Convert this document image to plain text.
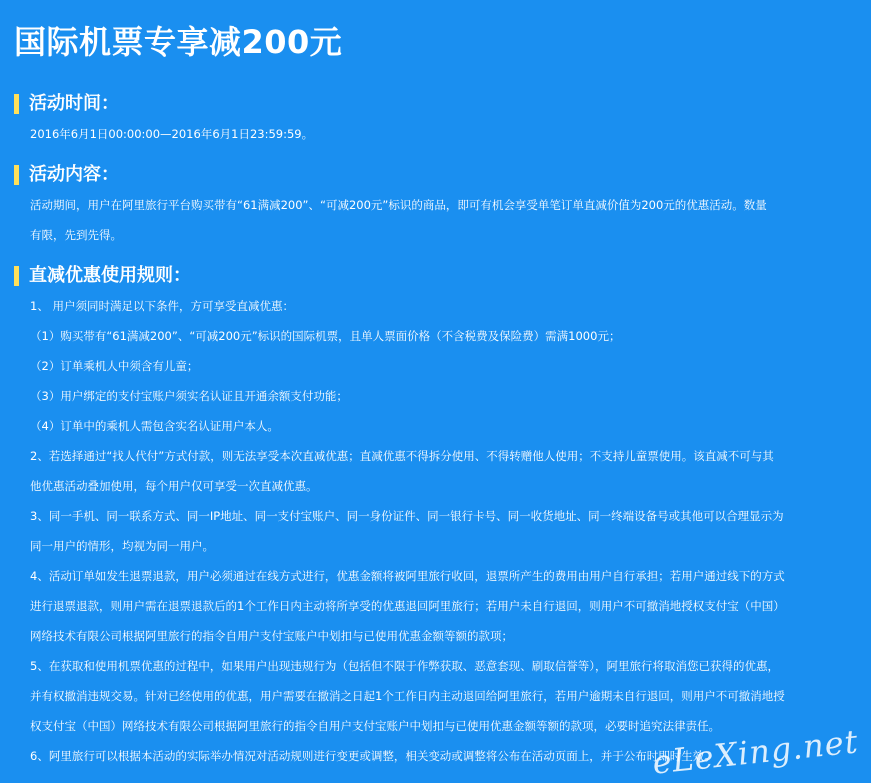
国际机票专享减200元
活动时间：
2016年6月1日00:00:00—2016年6月1日23:59:59。
活动内容：
活动期间，用户在阿里旅行平台购买带有“61满减200”、“可减200元”标识的商品，即可有机会享受单笔订单直减价值为200元的优惠活动。数量
有限，先到先得。
直减优惠使用规则：
1、 用户须同时满足以下条件，方可享受直减优惠：
（1）购买带有“61满减200”、“可减200元”标识的国际机票，且单人票面价格（不含税费及保险费）需满1000元；
（2）订单乘机人中须含有儿童；
（3）用户绑定的支付宝账户须实名认证且开通余额支付功能；
（4）订单中的乘机人需包含实名认证用户本人。
2、若选择通过“找人代付”方式付款，则无法享受本次直减优惠；直减优惠不得拆分使用、不得转赠他人使用；不支持儿童票使用。该直减不可与其
他优惠活动叠加使用，每个用户仅可享受一次直减优惠。
3、同一手机、同一联系方式、同一IP地址、同一支付宝账户、同一身份证件、同一银行卡号、同一收货地址、同一终端设备号或其他可以合理显示为
同一用户的情形，均视为同一用户。
4、活动订单如发生退票退款，用户必须通过在线方式进行，优惠金额将被阿里旅行收回，退票所产生的费用由用户自行承担；若用户通过线下的方式
进行退票退款，则用户需在退票退款后的1个工作日内主动将所享受的优惠退回阿里旅行；若用户未自行退回，则用户不可撤消地授权支付宝（中国）
网络技术有限公司根据阿里旅行的指令自用户支付宝账户中划扣与已使用优惠金额等额的款项；
5、在获取和使用机票优惠的过程中，如果用户出现违规行为（包括但不限于作弊获取、恶意套现、刷取信誉等），阿里旅行将取消您已获得的优惠，
并有权撤消违规交易。针对已经使用的优惠，用户需要在撤消之日起1个工作日内主动退回给阿里旅行，若用户逾期未自行退回，则用户不可撤消地授
权支付宝（中国）网络技术有限公司根据阿里旅行的指令自用户支付宝账户中划扣与已使用优惠金额等额的款项，必要时追究法律责任。
6、阿里旅行可以根据本活动的实际举办情况对活动规则进行变更或调整，相关变动或调整将公布在活动页面上，并于公布时即时生效。
eLeXing.net
